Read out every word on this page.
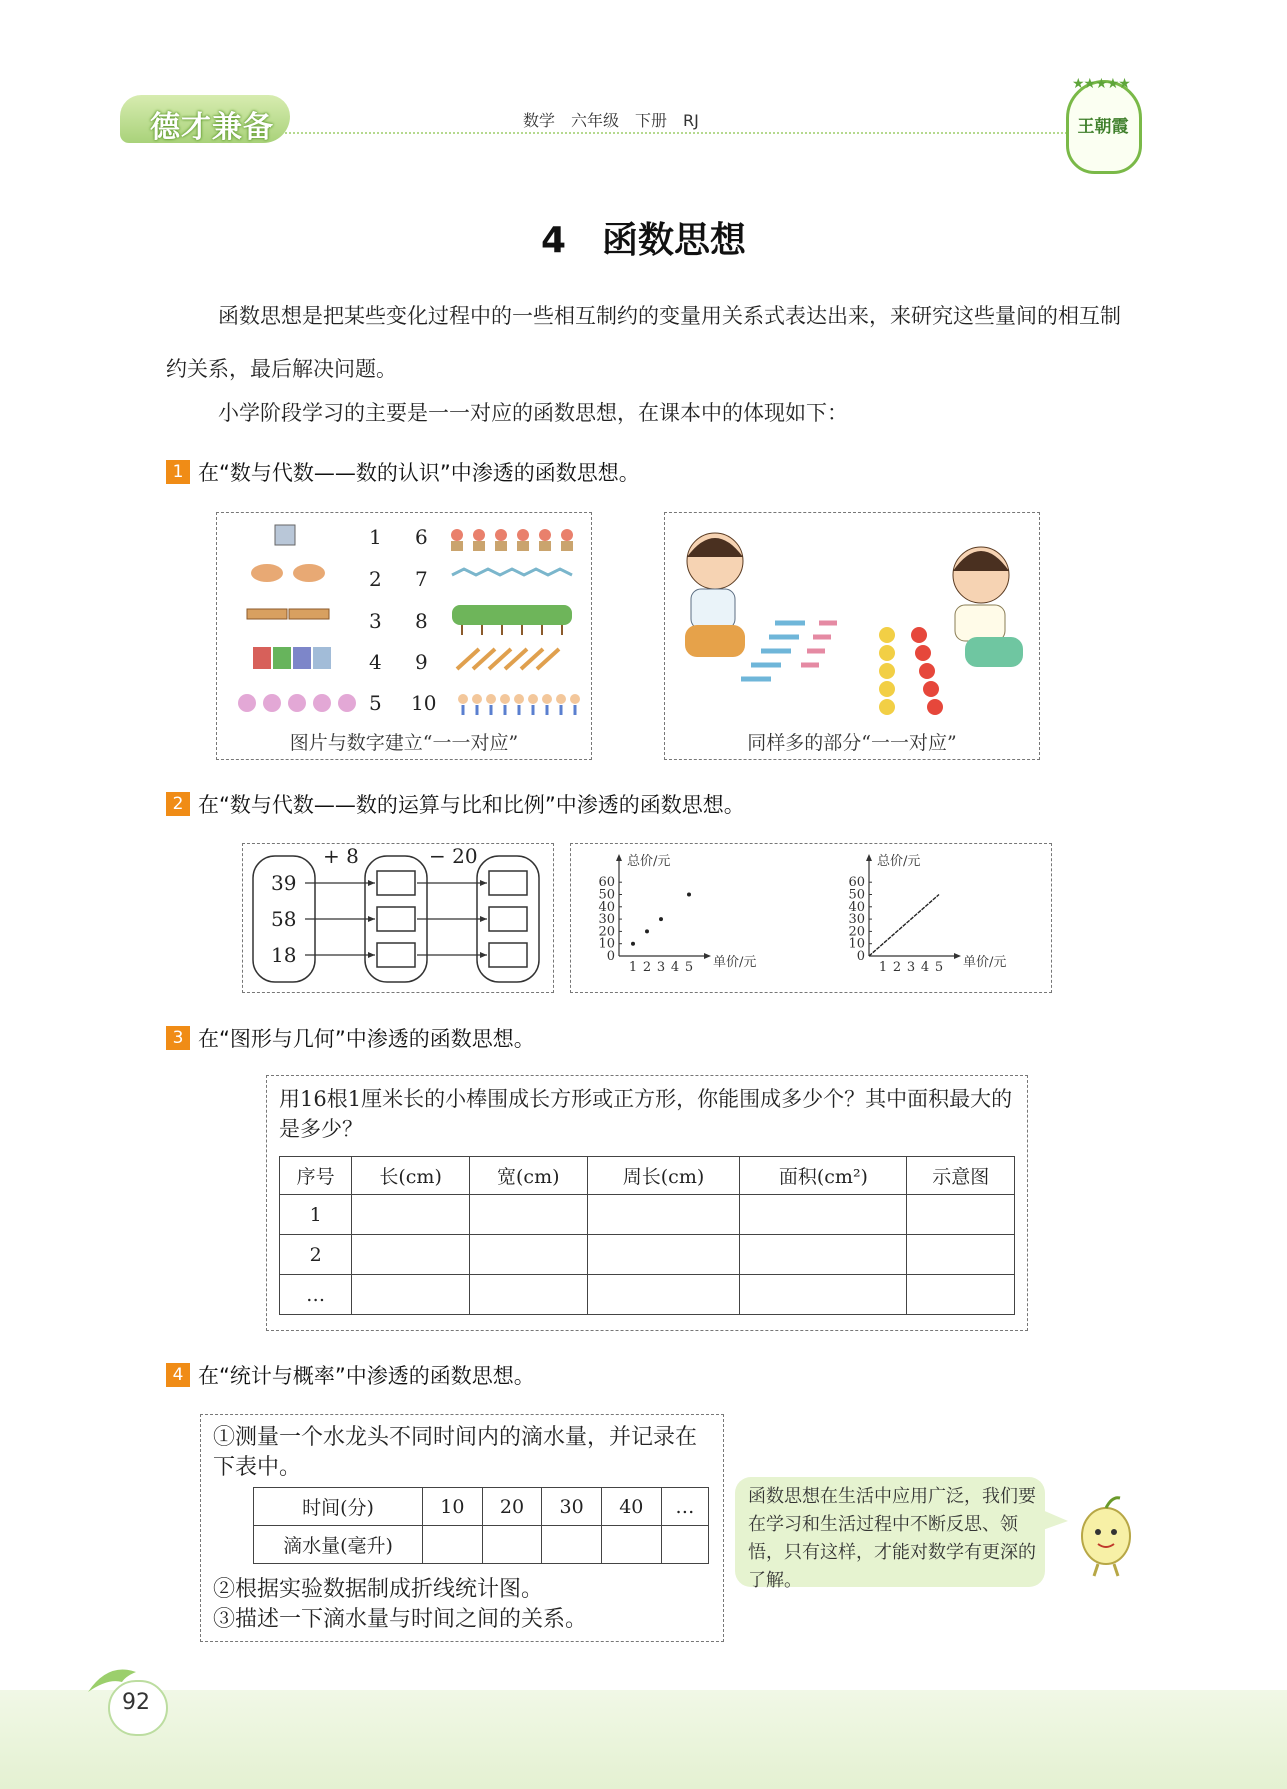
德才兼备	数学　六年级　下册　RJ
★★★★★
王朝霞
4　函数思想
函数思想是把某些变化过程中的一些相互制约的变量用关系式表达出来，来研究这些量间的相互制约关系，最后解决问题。
小学阶段学习的主要是一一对应的函数思想，在课本中的体现如下：
1 在“数与代数——数的认识”中渗透的函数思想。
1
2
3
4
5
6
7
8
9
10
图片与数字建立“一一对应”	同样多的部分“一一对应”
2 在“数与代数——数的运算与比和比例”中渗透的函数思想。
39
58
18
+ 8	− 20	总价/元
单价/元
60
50
40
30
20
10
0
1 2 3 4 5
总价/元
单价/元
60
50
40
30
20
10
0
1 2 3 4 5
3 在“图形与几何”中渗透的函数思想。
用16根1厘米长的小棒围成长方形或正方形，你能围成多少个？其中面积最大的是多少？
序号	长(cm)	宽(cm)	周长(cm)	面积(cm²)	示意图
1					
2					
…					
4 在“统计与概率”中渗透的函数思想。
①测量一个水龙头不同时间内的滴水量，并记录在下表中。
时间(分)	10	20	30	40	…
滴水量(毫升)					
②根据实验数据制成折线统计图。
③描述一下滴水量与时间之间的关系。
函数思想在生活中应用广泛，我们要在学习和生活过程中不断反思、领悟，只有这样，才能对数学有更深的了解。
92
